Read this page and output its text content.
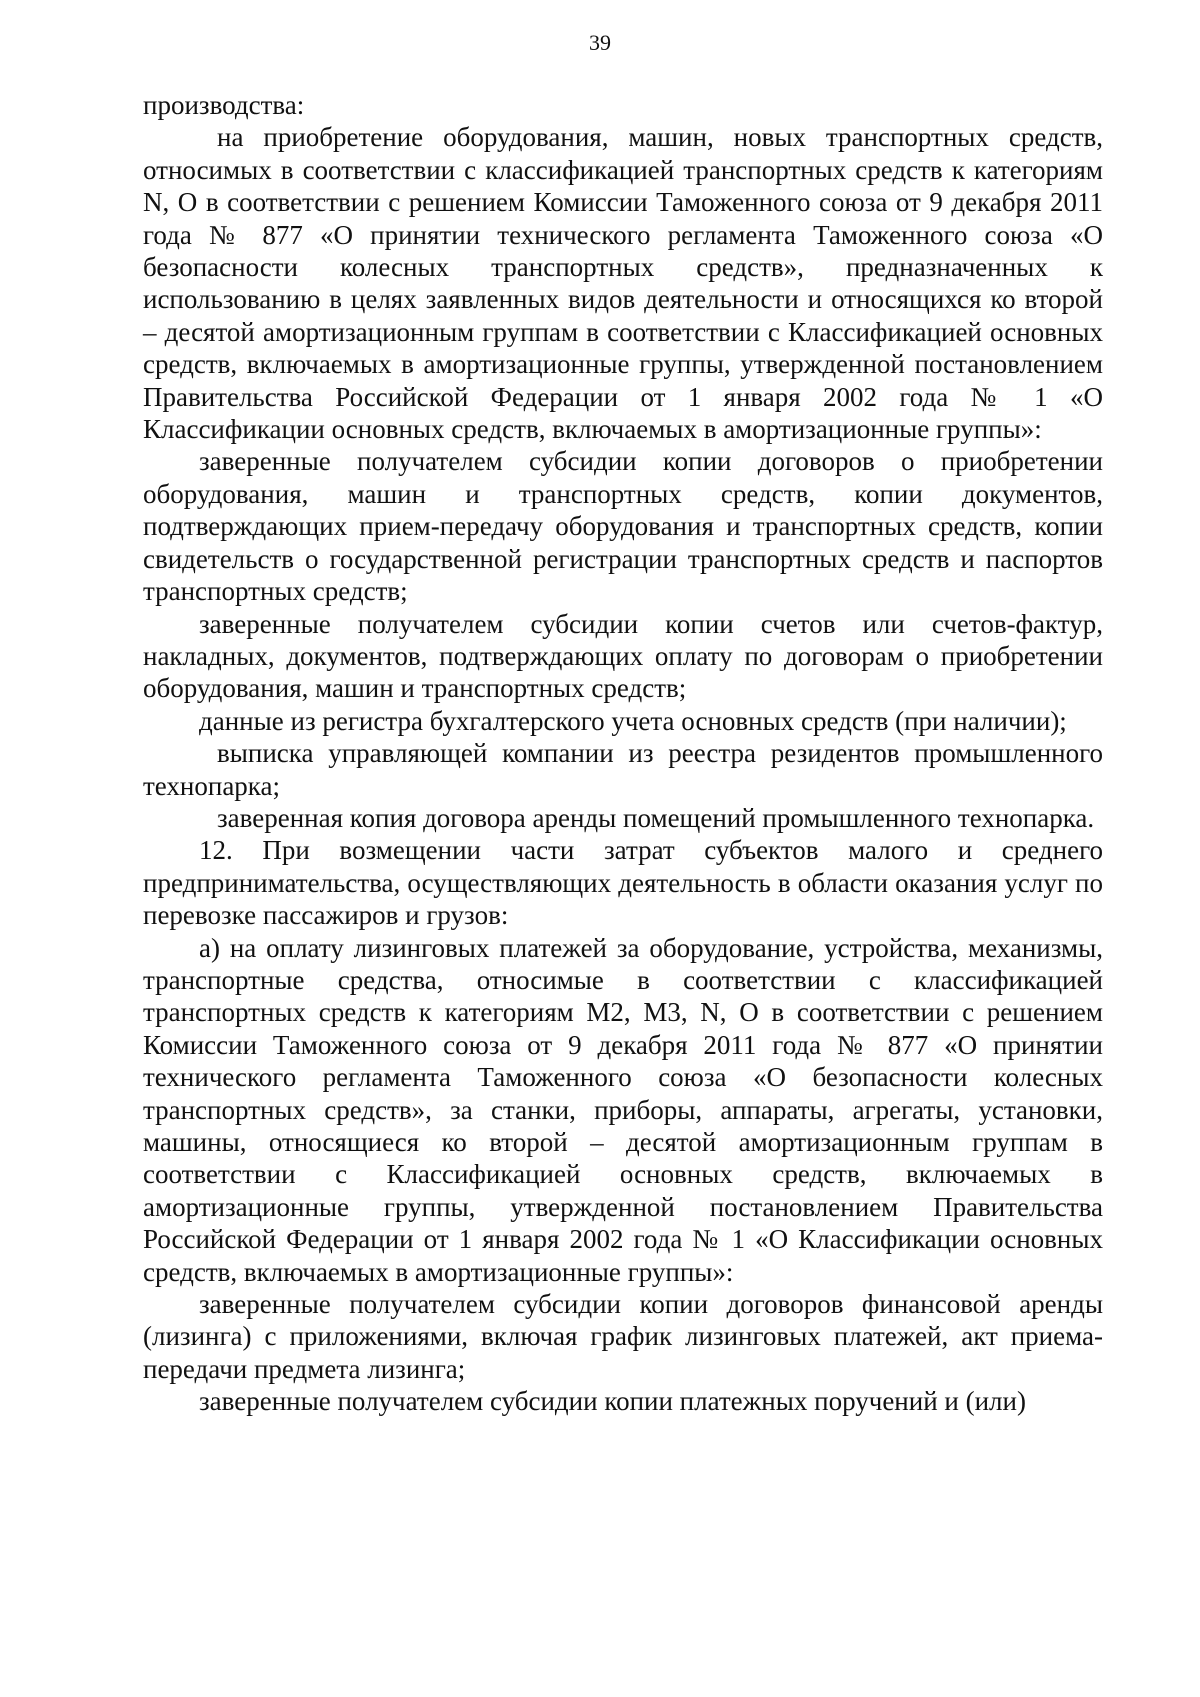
39

производства:

на приобретение оборудования, машин, новых транспортных средств, относимых в соответствии с классификацией транспортных средств к категориям N, О в соответствии с решением Комиссии Таможенного союза от 9 декабря 2011 года № 877 «О принятии технического регламента Таможенного союза «О безопасности колесных транспортных средств», предназначенных к использованию в целях заявленных видов деятельности и относящихся ко второй – десятой амортизационным группам в соответствии с Классификацией основных средств, включаемых в амортизационные группы, утвержденной постановлением Правительства Российской Федерации от 1 января 2002 года № 1 «О Классификации основных средств, включаемых в амортизационные группы»:

заверенные получателем субсидии копии договоров о приобретении оборудования, машин и транспортных средств, копии документов, подтверждающих прием-передачу оборудования и транспортных средств, копии свидетельств о государственной регистрации транспортных средств и паспортов транспортных средств;

заверенные получателем субсидии копии счетов или счетов-фактур, накладных, документов, подтверждающих оплату по договорам о приобретении оборудования, машин и транспортных средств;

данные из регистра бухгалтерского учета основных средств (при наличии);

выписка управляющей компании из реестра резидентов промышленного технопарка;

заверенная копия договора аренды помещений промышленного технопарка.

12. При возмещении части затрат субъектов малого и среднего предпринимательства, осуществляющих деятельность в области оказания услуг по перевозке пассажиров и грузов:

а) на оплату лизинговых платежей за оборудование, устройства, механизмы, транспортные средства, относимые в соответствии с классификацией транспортных средств к категориям M2, M3, N, O в соответствии с решением Комиссии Таможенного союза от 9 декабря 2011 года № 877 «О принятии технического регламента Таможенного союза «О безопасности колесных транспортных средств», за станки, приборы, аппараты, агрегаты, установки, машины, относящиеся ко второй – десятой амортизационным группам в соответствии с Классификацией основных средств, включаемых в амортизационные группы, утвержденной постановлением Правительства Российской Федерации от 1 января 2002 года № 1 «О Классификации основных средств, включаемых в амортизационные группы»:

заверенные получателем субсидии копии договоров финансовой аренды (лизинга) с приложениями, включая график лизинговых платежей, акт приема-передачи предмета лизинга;

заверенные получателем субсидии копии платежных поручений и (или)
